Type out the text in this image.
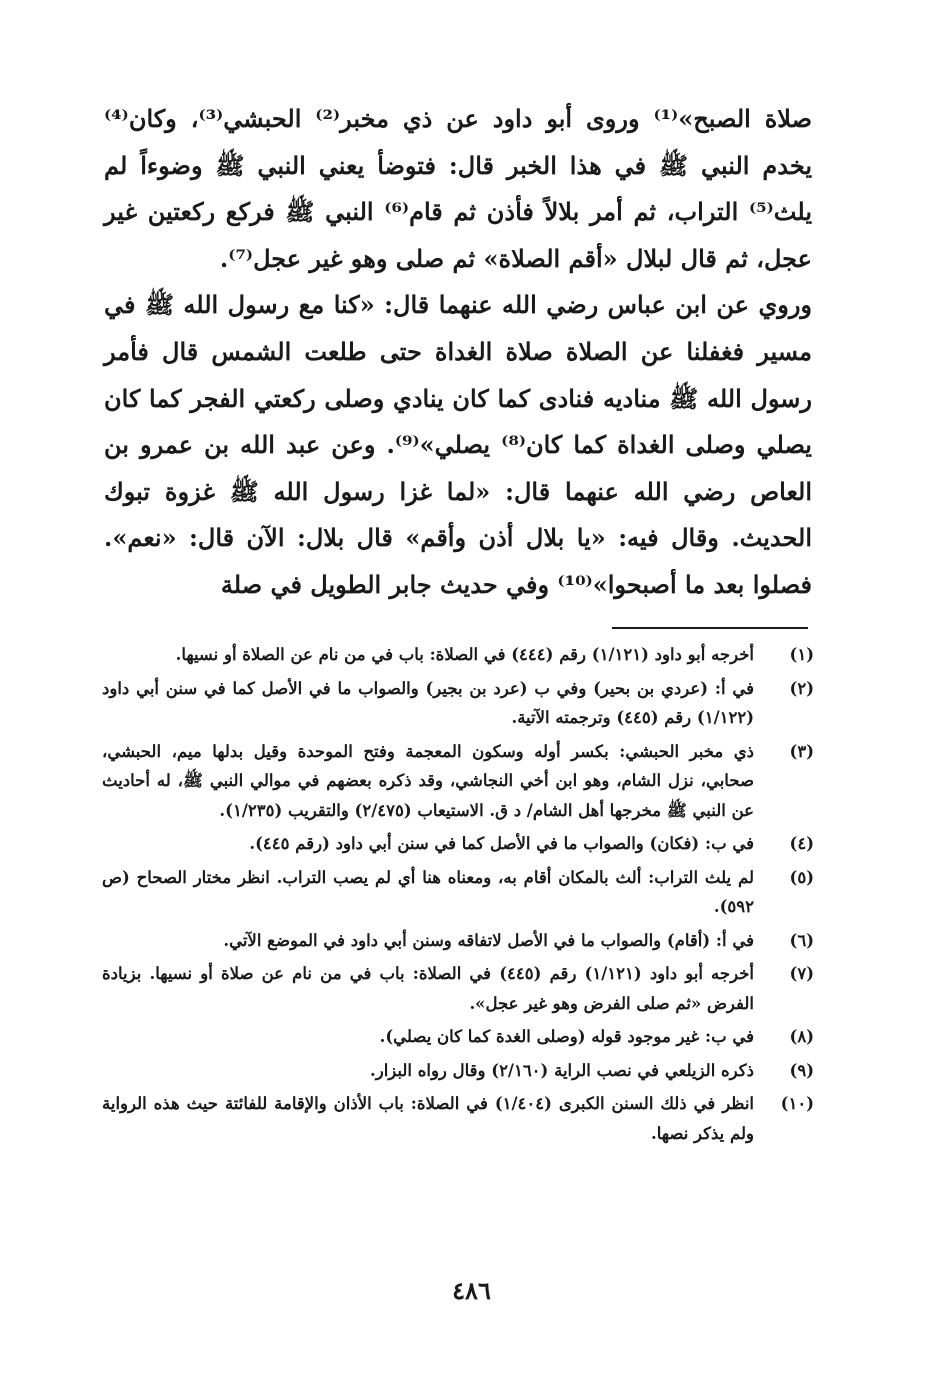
صلاة الصبح»⁽¹⁾ وروى أبو داود عن ذي مخبر⁽²⁾ الحبشي⁽³⁾، وكان⁽⁴⁾ يخدم النبي ﷺ في هذا الخبر قال: فتوضأ يعني النبي ﷺ وضوءاً لم يلث⁽⁵⁾ التراب، ثم أمر بلالاً فأذن ثم قام⁽⁶⁾ النبي ﷺ فركع ركعتين غير عجل، ثم قال لبلال «أقم الصلاة» ثم صلى وهو غير عجل⁽⁷⁾.

وروي عن ابن عباس رضي الله عنهما قال: «كنا مع رسول الله ﷺ في مسير فغفلنا عن الصلاة صلاة الغداة حتى طلعت الشمس قال فأمر رسول الله ﷺ مناديه فنادى كما كان ينادي وصلى ركعتي الفجر كما كان يصلي وصلى الغداة كما كان⁽⁸⁾ يصلي»⁽⁹⁾. وعن عبد الله بن عمرو بن العاص رضي الله عنهما قال: «لما غزا رسول الله ﷺ غزوة تبوك الحديث. وقال فيه: «يا بلال أذن وأقم» قال بلال: الآن قال: «نعم». فصلوا بعد ما أصبحوا»⁽¹⁰⁾ وفي حديث جابر الطويل في صلة

(١)
أخرجه أبو داود (١/١٢١) رقم (٤٤٤) في الصلاة: باب في من نام عن الصلاة أو نسيها.
(٢)
في أ: (عردي بن بحير) وفي ب (عرد بن بجير) والصواب ما في الأصل كما في سنن أبي داود (١/١٢٢) رقم (٤٤٥) وترجمته الآتية.
(٣)
ذي مخبر الحبشي: بكسر أوله وسكون المعجمة وفتح الموحدة وقيل بدلها ميم، الحبشي، صحابي، نزل الشام، وهو ابن أخي النجاشي، وقد ذكره بعضهم في موالي النبي ﷺ، له أحاديث عن النبي ﷺ مخرجها أهل الشام/ د ق. الاستيعاب (٢/٤٧٥) والتقريب (١/٢٣٥).
(٤)
في ب: (فكان) والصواب ما في الأصل كما في سنن أبي داود (رقم ٤٤٥).
(٥)
لم يلث التراب: ألث بالمكان أقام به، ومعناه هنا أي لم يصب التراب. انظر مختار الصحاح (ص ٥٩٢).
(٦)
في أ: (أقام) والصواب ما في الأصل لاتفاقه وسنن أبي داود في الموضع الآتي.
(٧)
أخرجه أبو داود (١/١٢١) رقم (٤٤٥) في الصلاة: باب في من نام عن صلاة أو نسيها. بزيادة الفرض «ثم صلى الفرض وهو غير عجل».
(٨)
في ب: غير موجود قوله (وصلى الغدة كما كان يصلي).
(٩)
ذكره الزيلعي في نصب الراية (٢/١٦٠) وقال رواه البزار.
(١٠)
انظر في ذلك السنن الكبرى (١/٤٠٤) في الصلاة: باب الأذان والإقامة للفائتة حيث هذه الرواية ولم يذكر نصها.
٤٨٦
